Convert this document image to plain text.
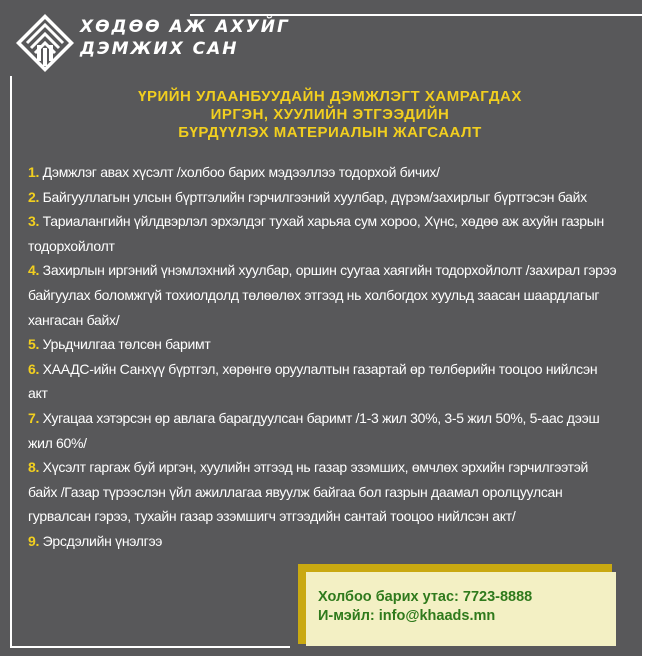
ХӨДӨӨ АЖ АХУЙГ
ДЭМЖИХ САН
ҮРИЙН УЛААНБУУДАЙН ДЭМЖЛЭГТ ХАМРАГДАХ
ИРГЭН, ХУУЛИЙН ЭТГЭЭДИЙН
БҮРДҮҮЛЭХ МАТЕРИАЛЫН ЖАГСААЛТ
1. Дэмжлэг авах хүсэлт /холбоо барих мэдээллээ тодорхой бичих/
2. Байгууллагын улсын бүртгэлийн гэрчилгээний хуулбар, дүрэм/захирлыг бүртгэсэн байх
3. Тариалангийн үйлдвэрлэл эрхэлдэг тухай харьяа сум хороо, Хүнс, хөдөө аж ахуйн газрын тодорхойлолт
4. Захирлын иргэний үнэмлэхний хуулбар, оршин суугаа хаягийн тодорхойлолт /захирал гэрээ байгуулах боломжгүй тохиолдолд төлөөлөх этгээд нь холбогдох хуульд заасан шаардлагыг хангасан байх/
5. Урьдчилгаа төлсөн баримт
6. ХААДС-ийн Санхүү бүртгэл, хөрөнгө оруулалтын газартай өр төлбөрийн тооцоо нийлсэн акт
7. Хугацаа хэтэрсэн өр авлага барагдуулсан баримт /1-3 жил 30%, 3-5 жил 50%, 5-аас дээш жил 60%/
8. Хүсэлт гаргаж буй иргэн, хуулийн этгээд нь газар эзэмших, өмчлөх эрхийн гэрчилгээтэй байх /Газар түрээслэн үйл ажиллагаа явуулж байгаа бол газрын даамал оролцуулсан гурвалсан гэрээ, тухайн газар эзэмшигч этгээдийн сантай тооцоо нийлсэн акт/
9. Эрсдэлийн үнэлгээ
Холбоо барих утас: 7723-8888
И-мэйл: info@khaads.mn
